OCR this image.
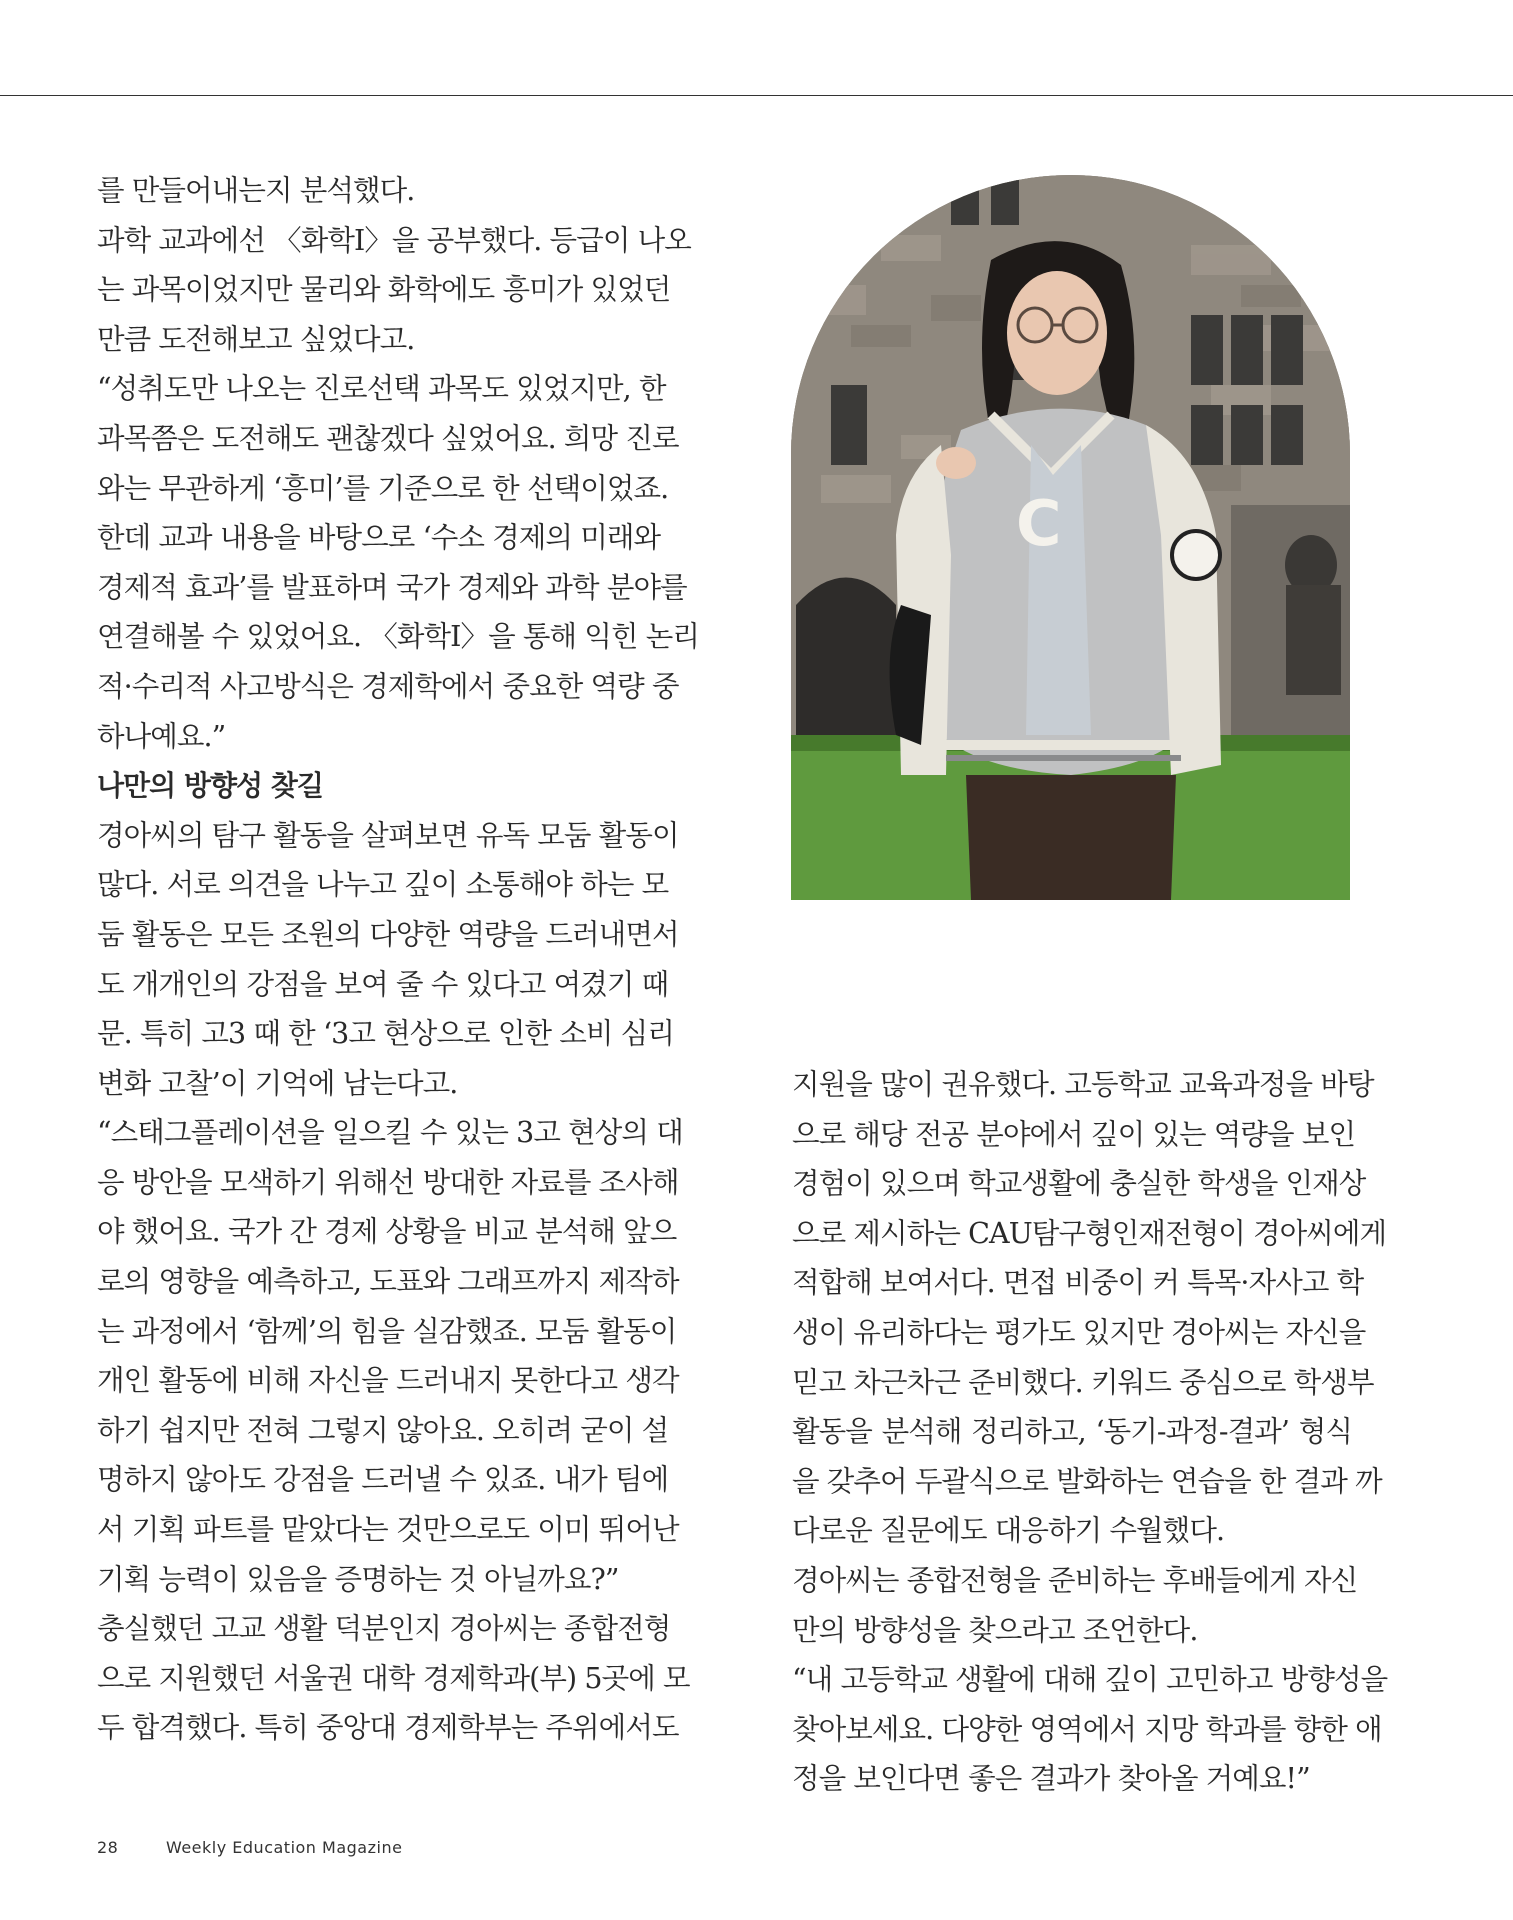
를 만들어내는지 분석했다.

과학 교과에선 〈화학Ⅰ〉을 공부했다. 등급이 나오
는 과목이었지만 물리와 화학에도 흥미가 있었던
만큼 도전해보고 싶었다고.

“성취도만 나오는 진로선택 과목도 있었지만, 한
과목쯤은 도전해도 괜찮겠다 싶었어요. 희망 진로
와는 무관하게 ‘흥미’를 기준으로 한 선택이었죠.
한데 교과 내용을 바탕으로 ‘수소 경제의 미래와
경제적 효과’를 발표하며 국가 경제와 과학 분야를
연결해볼 수 있었어요. 〈화학Ⅰ〉을 통해 익힌 논리
적·수리적 사고방식은 경제학에서 중요한 역량 중
하나예요.”

나만의 방향성 찾길

경아씨의 탐구 활동을 살펴보면 유독 모둠 활동이
많다. 서로 의견을 나누고 깊이 소통해야 하는 모
둠 활동은 모든 조원의 다양한 역량을 드러내면서
도 개개인의 강점을 보여 줄 수 있다고 여겼기 때
문. 특히 고3 때 한 ‘3고 현상으로 인한 소비 심리
변화 고찰’이 기억에 남는다고.

“스태그플레이션을 일으킬 수 있는 3고 현상의 대
응 방안을 모색하기 위해선 방대한 자료를 조사해
야 했어요. 국가 간 경제 상황을 비교 분석해 앞으
로의 영향을 예측하고, 도표와 그래프까지 제작하
는 과정에서 ‘함께’의 힘을 실감했죠. 모둠 활동이
개인 활동에 비해 자신을 드러내지 못한다고 생각
하기 쉽지만 전혀 그렇지 않아요. 오히려 굳이 설
명하지 않아도 강점을 드러낼 수 있죠. 내가 팀에
서 기획 파트를 맡았다는 것만으로도 이미 뛰어난
기획 능력이 있음을 증명하는 것 아닐까요?”

충실했던 고교 생활 덕분인지 경아씨는 종합전형
으로 지원했던 서울권 대학 경제학과(부) 5곳에 모
두 합격했다. 특히 중앙대 경제학부는 주위에서도

C

지원을 많이 권유했다. 고등학교 교육과정을 바탕
으로 해당 전공 분야에서 깊이 있는 역량을 보인
경험이 있으며 학교생활에 충실한 학생을 인재상
으로 제시하는 CAU탐구형인재전형이 경아씨에게
적합해 보여서다. 면접 비중이 커 특목·자사고 학
생이 유리하다는 평가도 있지만 경아씨는 자신을
믿고 차근차근 준비했다. 키워드 중심으로 학생부
활동을 분석해 정리하고, ‘동기-과정-결과’ 형식
을 갖추어 두괄식으로 발화하는 연습을 한 결과 까
다로운 질문에도 대응하기 수월했다.

경아씨는 종합전형을 준비하는 후배들에게 자신
만의 방향성을 찾으라고 조언한다.

“내 고등학교 생활에 대해 깊이 고민하고 방향성을
찾아보세요. 다양한 영역에서 지망 학과를 향한 애
정을 보인다면 좋은 결과가 찾아올 거예요!”

28	Weekly Education Magazine
